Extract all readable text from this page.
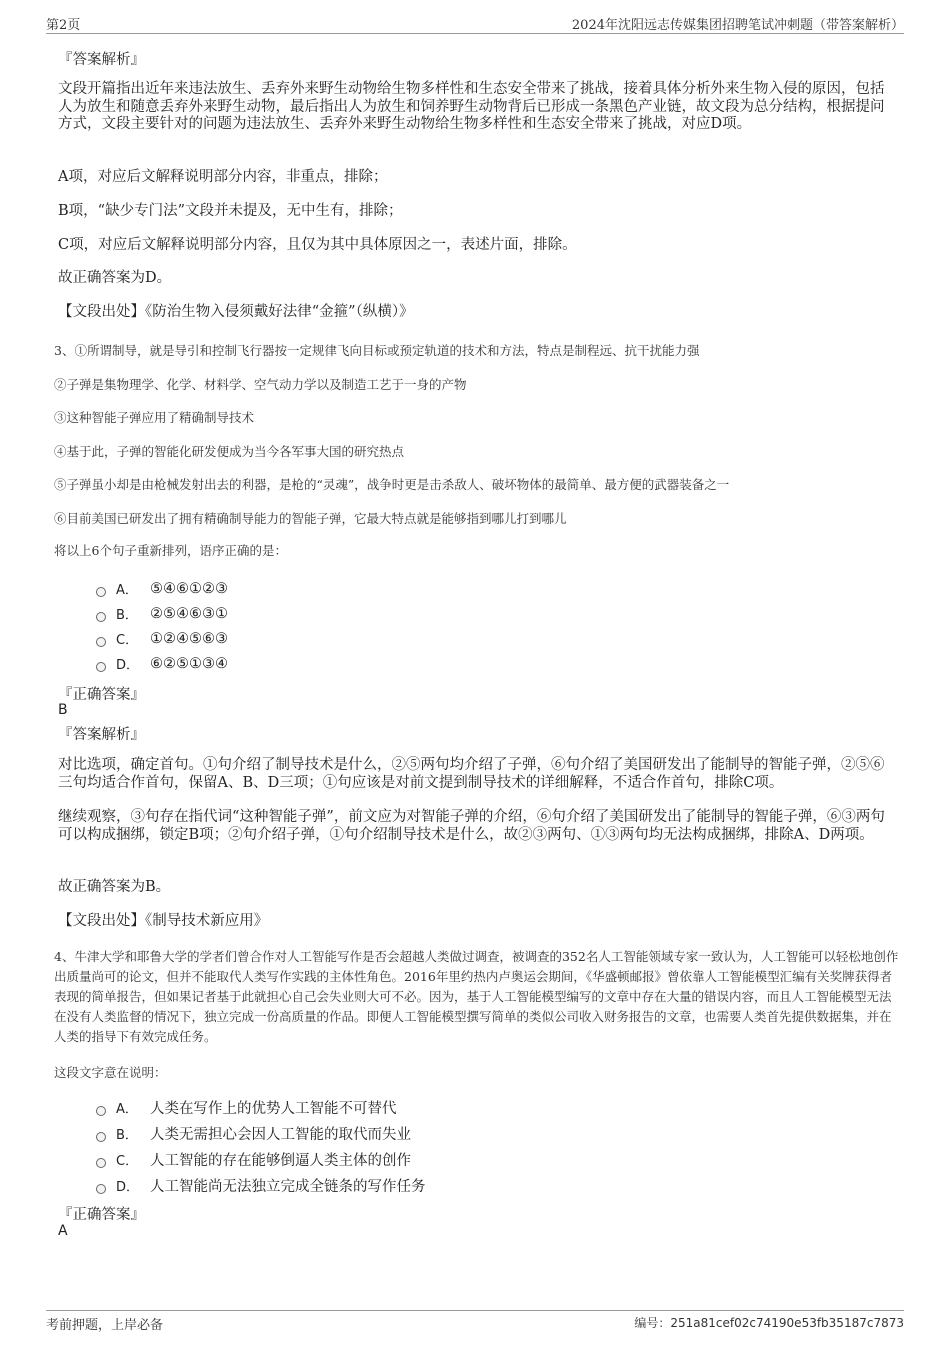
第2页	2024年沈阳远志传媒集团招聘笔试冲刺题（带答案解析）
『答案解析』
文段开篇指出近年来违法放生、丢弃外来野生动物给生物多样性和生态安全带来了挑战，接着具体分析外来生物入侵的原因，包括人为放生和随意丢弃外来野生动物，最后指出人为放生和饲养野生动物背后已形成一条黑色产业链，故文段为总分结构，根据提问方式，文段主要针对的问题为违法放生、丢弃外来野生动物给生物多样性和生态安全带来了挑战，对应D项。
A项，对应后文解释说明部分内容，非重点，排除；
B项，“缺少专门法”文段并未提及，无中生有，排除；
C项，对应后文解释说明部分内容，且仅为其中具体原因之一，表述片面，排除。
故正确答案为D。
【文段出处】《防治生物入侵须戴好法律“金箍”（纵横）》
3、①所谓制导，就是导引和控制飞行器按一定规律飞向目标或预定轨道的技术和方法，特点是制程远、抗干扰能力强
②子弹是集物理学、化学、材料学、空气动力学以及制造工艺于一身的产物
③这种智能子弹应用了精确制导技术
④基于此，子弹的智能化研发便成为当今各军事大国的研究热点
⑤子弹虽小却是由枪械发射出去的利器，是枪的“灵魂”，战争时更是击杀敌人、破坏物体的最简单、最方便的武器装备之一
⑥目前美国已研发出了拥有精确制导能力的智能子弹，它最大特点就是能够指到哪儿打到哪儿
将以上6个句子重新排列，语序正确的是：
A． ⑤④⑥①②③
B． ②⑤④⑥③①
C． ①②④⑤⑥③
D． ⑥②⑤①③④
『正确答案』
B
『答案解析』
对比选项，确定首句。①句介绍了制导技术是什么，②⑤两句均介绍了子弹，⑥句介绍了美国研发出了能制导的智能子弹，②⑤⑥三句均适合作首句，保留A、B、D三项；①句应该是对前文提到制导技术的详细解释，不适合作首句，排除C项。
继续观察，③句存在指代词“这种智能子弹”，前文应为对智能子弹的介绍，⑥句介绍了美国研发出了能制导的智能子弹，⑥③两句可以构成捆绑，锁定B项；②句介绍子弹，①句介绍制导技术是什么，故②③两句、①③两句均无法构成捆绑，排除A、D两项。
故正确答案为B。
【文段出处】《制导技术新应用》
4、牛津大学和耶鲁大学的学者们曾合作对人工智能写作是否会超越人类做过调查，被调查的352名人工智能领域专家一致认为，人工智能可以轻松地创作出质量尚可的论文，但并不能取代人类写作实践的主体性角色。2016年里约热内卢奥运会期间，《华盛顿邮报》曾依靠人工智能模型汇编有关奖牌获得者表现的简单报告，但如果记者基于此就担心自己会失业则大可不必。因为，基于人工智能模型编写的文章中存在大量的错误内容，而且人工智能模型无法在没有人类监督的情况下，独立完成一份高质量的作品。即便人工智能模型撰写简单的类似公司收入财务报告的文章，也需要人类首先提供数据集，并在人类的指导下有效完成任务。
这段文字意在说明：
A． 人类在写作上的优势人工智能不可替代
B． 人类无需担心会因人工智能的取代而失业
C． 人工智能的存在能够倒逼人类主体的创作
D． 人工智能尚无法独立完成全链条的写作任务
『正确答案』
A
考前押题，上岸必备	编号：251a81cef02c74190e53fb35187c7873
